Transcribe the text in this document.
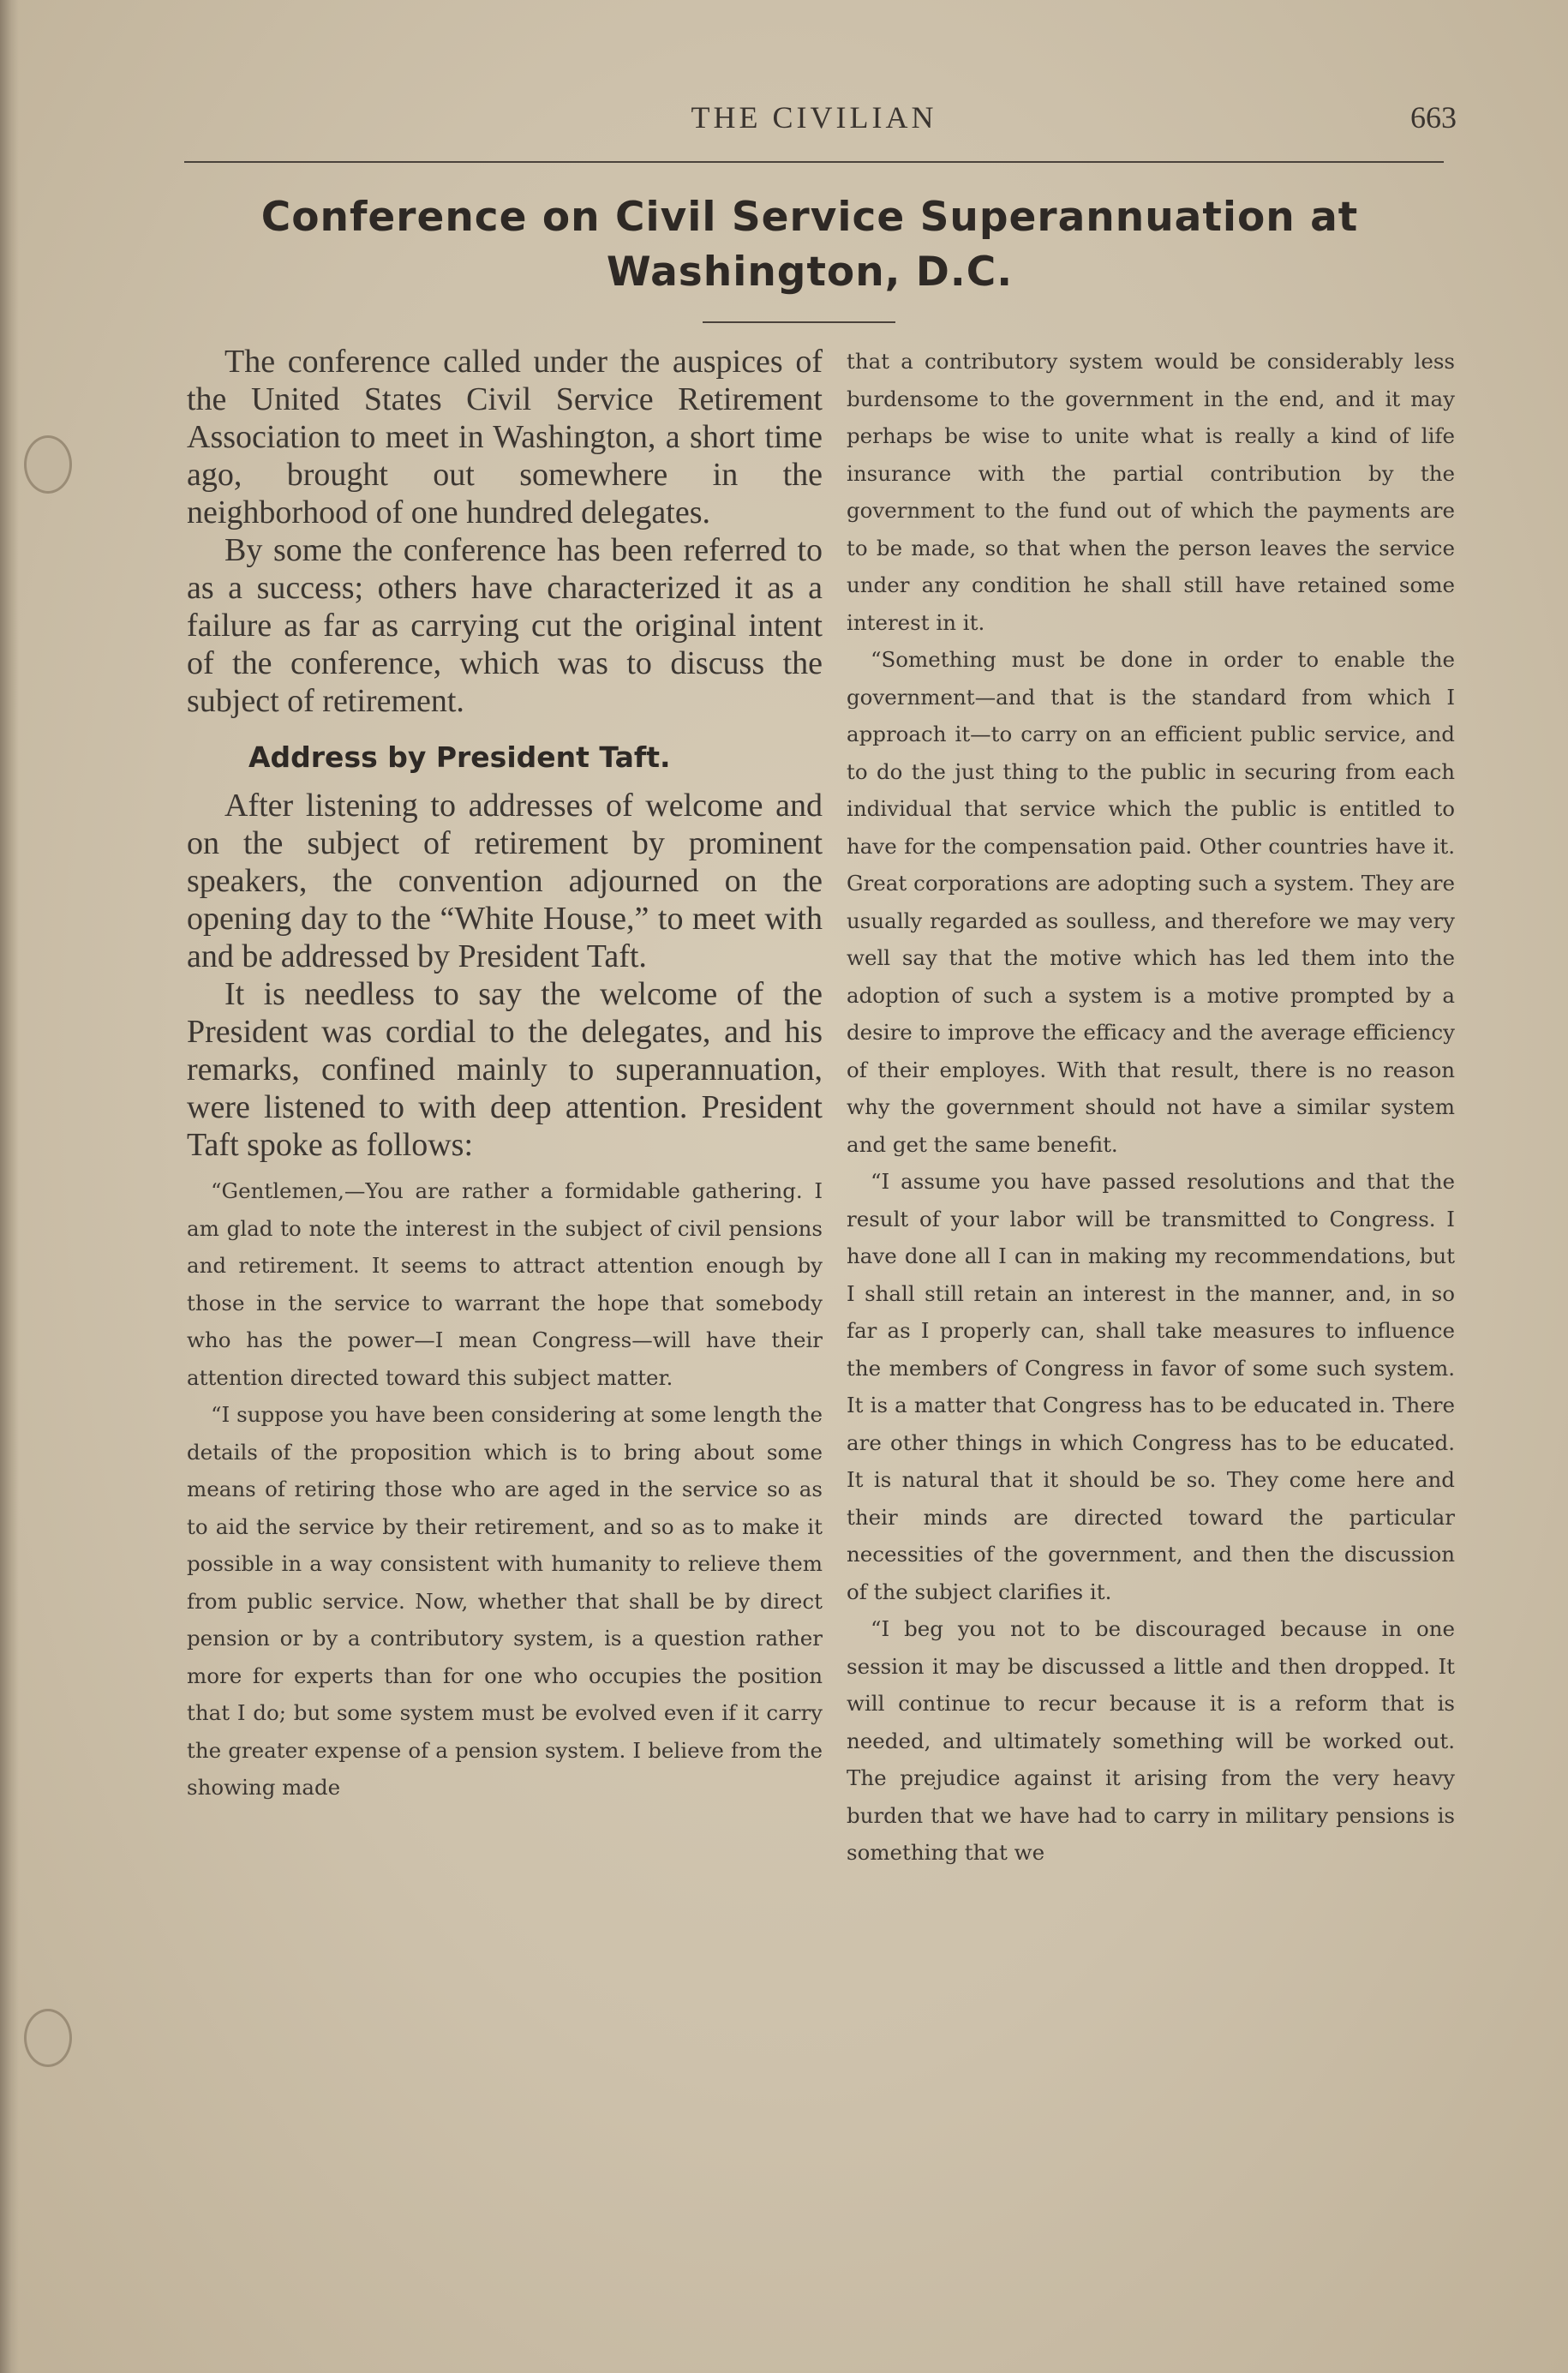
THE CIVILIAN	663
Conference on Civil Service Superannuation at Washington, D.C.

The conference called under the auspices of the United States Civil Service Retirement Association to meet in Washington, a short time ago, brought out somewhere in the neighborhood of one hundred delegates.

By some the conference has been referred to as a success; others have characterized it as a failure as far as carrying cut the original intent of the conference, which was to discuss the subject of retirement.

Address by President Taft.

After listening to addresses of welcome and on the subject of retirement by prominent speakers, the convention adjourned on the opening day to the “White House,” to meet with and be addressed by President Taft.

It is needless to say the welcome of the President was cordial to the delegates, and his remarks, confined mainly to superannuation, were listened to with deep attention. President Taft spoke as follows:

“Gentlemen,—You are rather a formidable gathering. I am glad to note the interest in the subject of civil pensions and retirement. It seems to attract attention enough by those in the service to warrant the hope that somebody who has the power—I mean Congress—will have their attention directed toward this subject matter.

“I suppose you have been considering at some length the details of the proposition which is to bring about some means of retiring those who are aged in the service so as to aid the service by their retirement, and so as to make it possible in a way consistent with humanity to relieve them from public service. Now, whether that shall be by direct pension or by a contributory system, is a question rather more for experts than for one who occupies the position that I do; but some system must be evolved even if it carry the greater expense of a pension system. I believe from the showing made

that a contributory system would be considerably less burdensome to the government in the end, and it may perhaps be wise to unite what is really a kind of life insurance with the partial contribution by the government to the fund out of which the payments are to be made, so that when the person leaves the service under any condition he shall still have retained some interest in it.

“Something must be done in order to enable the government—and that is the standard from which I approach it—to carry on an efficient public service, and to do the just thing to the public in securing from each individual that service which the public is entitled to have for the compensation paid. Other countries have it. Great corporations are adopting such a system. They are usually regarded as soulless, and therefore we may very well say that the motive which has led them into the adoption of such a system is a motive prompted by a desire to improve the efficacy and the average efficiency of their employes. With that result, there is no reason why the government should not have a similar system and get the same benefit.

“I assume you have passed resolutions and that the result of your labor will be transmitted to Congress. I have done all I can in making my recommendations, but I shall still retain an interest in the manner, and, in so far as I properly can, shall take measures to influence the members of Congress in favor of some such system. It is a matter that Congress has to be educated in. There are other things in which Congress has to be educated. It is natural that it should be so. They come here and their minds are directed toward the particular necessities of the government, and then the discussion of the subject clarifies it.

“I beg you not to be discouraged because in one session it may be discussed a little and then dropped. It will continue to recur because it is a reform that is needed, and ultimately something will be worked out. The prejudice against it arising from the very heavy burden that we have had to carry in military pensions is something that we
